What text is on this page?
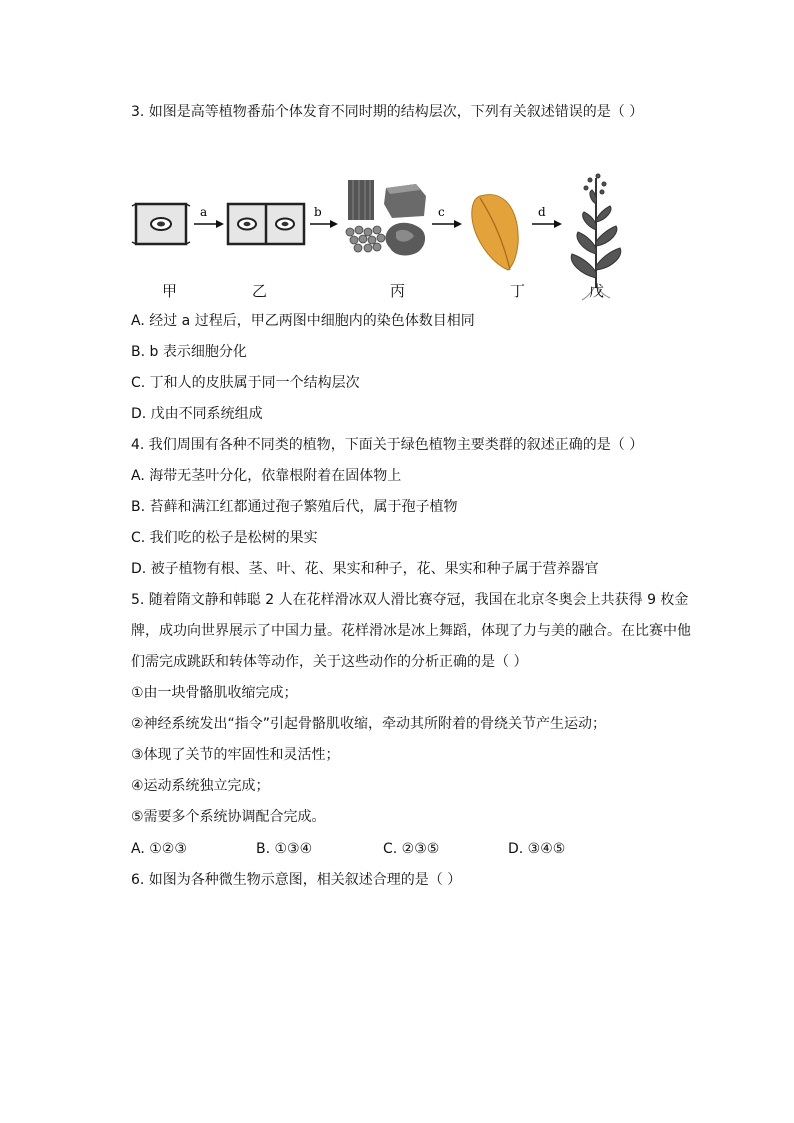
3. 如图是高等植物番茄个体发育不同时期的结构层次，下列有关叙述错误的是（ ）
a	b	c	d
甲	乙	丙	丁	戊
A. 经过 a 过程后，甲乙两图中细胞内的染色体数目相同
B. b 表示细胞分化
C. 丁和人的皮肤属于同一个结构层次
D. 戊由不同系统组成
4. 我们周围有各种不同类的植物，下面关于绿色植物主要类群的叙述正确的是（ ）
A. 海带无茎叶分化，依靠根附着在固体物上
B. 苔藓和满江红都通过孢子繁殖后代，属于孢子植物
C. 我们吃的松子是松树的果实
D. 被子植物有根、茎、叶、花、果实和种子，花、果实和种子属于营养器官
5. 随着隋文静和韩聪 2 人在花样滑冰双人滑比赛夺冠，我国在北京冬奥会上共获得 9 枚金
牌，成功向世界展示了中国力量。花样滑冰是冰上舞蹈，体现了力与美的融合。在比赛中他
们需完成跳跃和转体等动作，关于这些动作的分析正确的是（ ）
①由一块骨骼肌收缩完成；
②神经系统发出“指令”引起骨骼肌收缩，牵动其所附着的骨绕关节产生运动；
③体现了关节的牢固性和灵活性；
④运动系统独立完成；
⑤需要多个系统协调配合完成。
A. ①②③	B. ①③④	C. ②③⑤	D. ③④⑤
6. 如图为各种微生物示意图，相关叙述合理的是（ ）
